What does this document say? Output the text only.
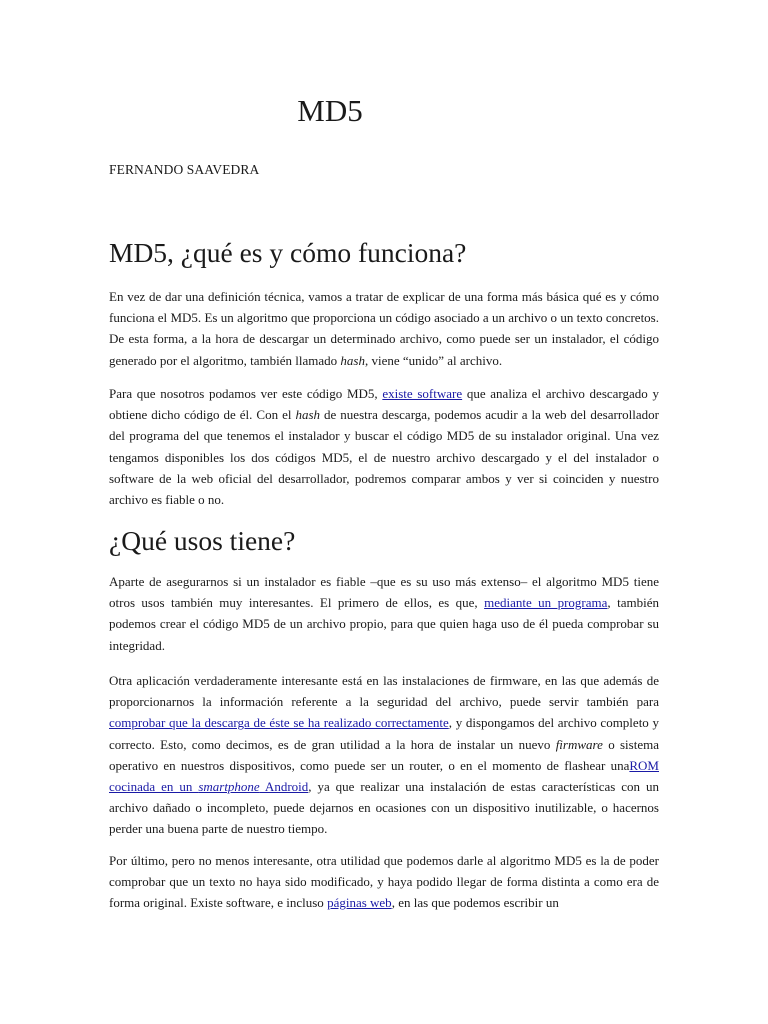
MD5

FERNANDO SAAVEDRA

MD5, ¿qué es y cómo funciona?

En vez de dar una definición técnica, vamos a tratar de explicar de una forma más básica qué es y cómo funciona el MD5. Es un algoritmo que proporciona un código asociado a un archivo o un texto concretos. De esta forma, a la hora de descargar un determinado archivo, como puede ser un instalador, el código generado por el algoritmo, también llamado hash, viene “unido” al archivo.

Para que nosotros podamos ver este código MD5, existe software que analiza el archivo descargado y obtiene dicho código de él. Con el hash de nuestra descarga, podemos acudir a la web del desarrollador del programa del que tenemos el instalador y buscar el código MD5 de su instalador original. Una vez tengamos disponibles los dos códigos MD5, el de nuestro archivo descargado y el del instalador o software de la web oficial del desarrollador, podremos comparar ambos y ver si coinciden y nuestro archivo es fiable o no.

¿Qué usos tiene?

Aparte de asegurarnos si un instalador es fiable –que es su uso más extenso– el algoritmo MD5 tiene otros usos también muy interesantes. El primero de ellos, es que, mediante un programa, también podemos crear el código MD5 de un archivo propio, para que quien haga uso de él pueda comprobar su integridad.

Otra aplicación verdaderamente interesante está en las instalaciones de firmware, en las que además de proporcionarnos la información referente a la seguridad del archivo, puede servir también para comprobar que la descarga de éste se ha realizado correctamente, y dispongamos del archivo completo y correcto. Esto, como decimos, es de gran utilidad a la hora de instalar un nuevo firmware o sistema operativo en nuestros dispositivos, como puede ser un router, o en el momento de flashear unaROM cocinada en un smartphone Android, ya que realizar una instalación de estas características con un archivo dañado o incompleto, puede dejarnos en ocasiones con un dispositivo inutilizable, o hacernos perder una buena parte de nuestro tiempo.

Por último, pero no menos interesante, otra utilidad que podemos darle al algoritmo MD5 es la de poder comprobar que un texto no haya sido modificado, y haya podido llegar de forma distinta a como era de forma original. Existe software, e incluso páginas web, en las que podemos escribir un
